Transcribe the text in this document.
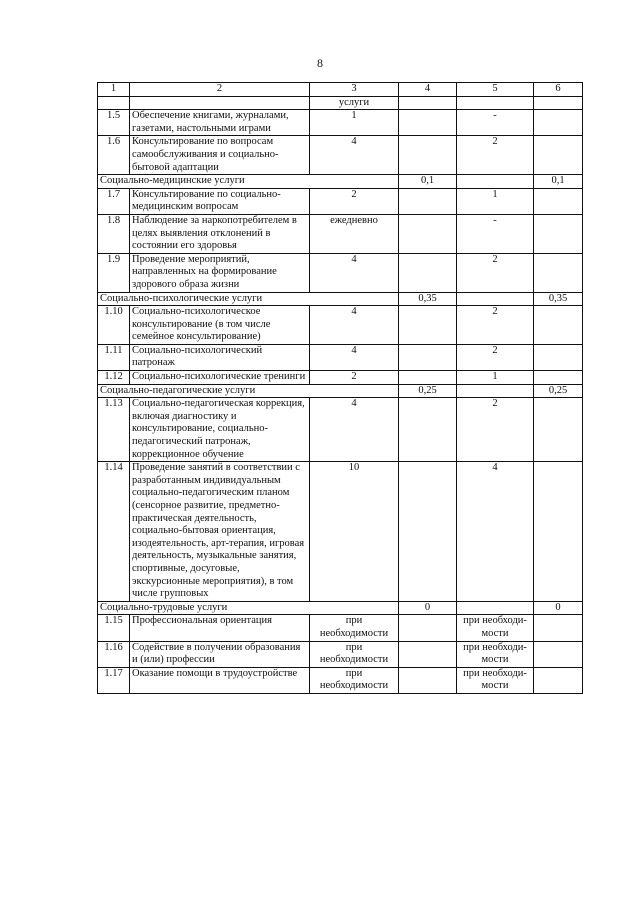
8
1	2	3	4	5	6
		услуги			
1.5	Обеспечение книгами, журналами, газетами, настольными играми	1		-	
1.6	Консультирование по вопросам самообслуживания и социально-бытовой адаптации	4		2	
Социально-медицинские услуги			0,1		0,1
1.7	Консультирование по социально-медицинским вопросам	2		1	
1.8	Наблюдение за наркопотребителем в целях выявления отклонений в состоянии его здоровья	ежедневно		-	
1.9	Проведение мероприятий, направленных на формирование здорового образа жизни	4		2	
Социально-психологические услуги			0,35		0,35
1.10	Социально-психологическое консультирование (в том числе семейное консультирование)	4		2	
1.11	Социально-психологический патронаж	4		2	
1.12	Социально-психологические тренинги	2		1	
Социально-педагогические услуги			0,25		0,25
1.13	Социально-педагогическая коррекция, включая диагностику и консультирование, социально-педагогический патронаж, коррекционное обучение	4		2	
1.14	Проведение занятий в соответствии с разработанным индивидуальным социально-педагогическим планом (сенсорное развитие, предметно-практическая деятельность, социально-бытовая ориентация, изодеятельность, арт-терапия, игровая деятельность, музыкальные занятия, спортивные, досуговые, экскурсионные мероприятия), в том числе групповых	10		4	
Социально-трудовые услуги			0		0
1.15	Профессиональная ориентация	при необходимости		при необходи-мости	
1.16	Содействие в получении образования и (или) профессии	при необходимости		при необходи-мости	
1.17	Оказание помощи в трудоустройстве	при необходимости		при необходи-мости	
